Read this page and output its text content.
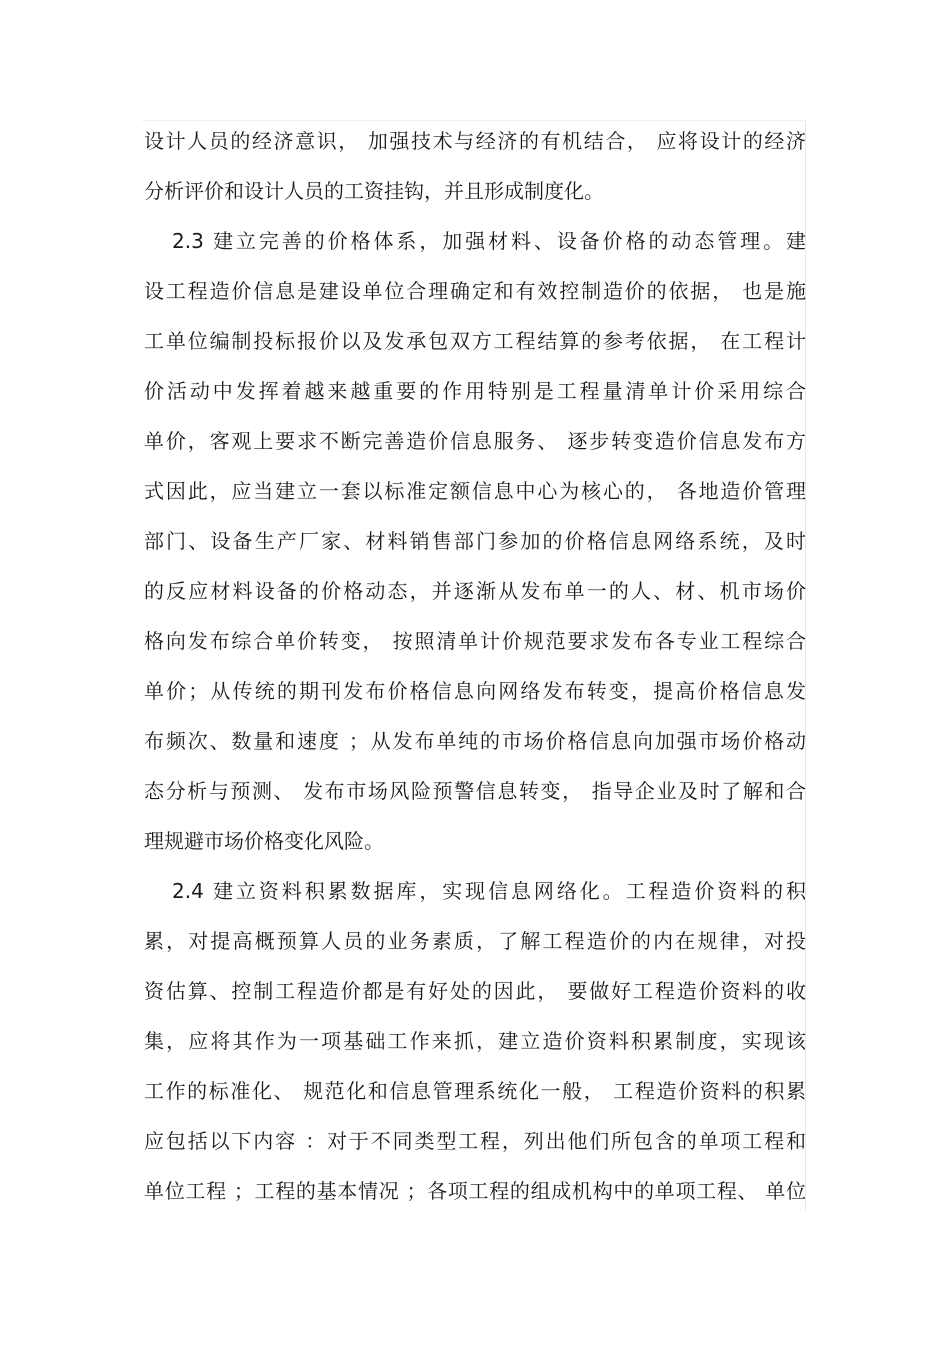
设计人员的经济意识， 加强技术与经济的有机结合， 应将设计的经济
分析评价和设计人员的工资挂钩，并且形成制度化。
2.3 建立完善的价格体系，加强材料、设备价格的动态管理。建
设工程造价信息是建设单位合理确定和有效控制造价的依据， 也是施
工单位编制投标报价以及发承包双方工程结算的参考依据， 在工程计
价活动中发挥着越来越重要的作用特别是工程量清单计价采用综合
单价，客观上要求不断完善造价信息服务、 逐步转变造价信息发布方
式因此，应当建立一套以标准定额信息中心为核心的， 各地造价管理
部门、设备生产厂家、材料销售部门参加的价格信息网络系统，及时
的反应材料设备的价格动态，并逐渐从发布单一的人、材、机市场价
格向发布综合单价转变， 按照清单计价规范要求发布各专业工程综合
单价；从传统的期刊发布价格信息向网络发布转变，提高价格信息发
布频次、数量和速度 ；从发布单纯的市场价格信息向加强市场价格动
态分析与预测、 发布市场风险预警信息转变， 指导企业及时了解和合
理规避市场价格变化风险。
2.4 建立资料积累数据库，实现信息网络化。工程造价资料的积
累，对提高概预算人员的业务素质，了解工程造价的内在规律，对投
资估算、控制工程造价都是有好处的因此， 要做好工程造价资料的收
集，应将其作为一项基础工作来抓，建立造价资料积累制度，实现该
工作的标准化、 规范化和信息管理系统化一般， 工程造价资料的积累
应包括以下内容 ：对于不同类型工程，列出他们所包含的单项工程和
单位工程 ；工程的基本情况 ；各项工程的组成机构中的单项工程、 单位
